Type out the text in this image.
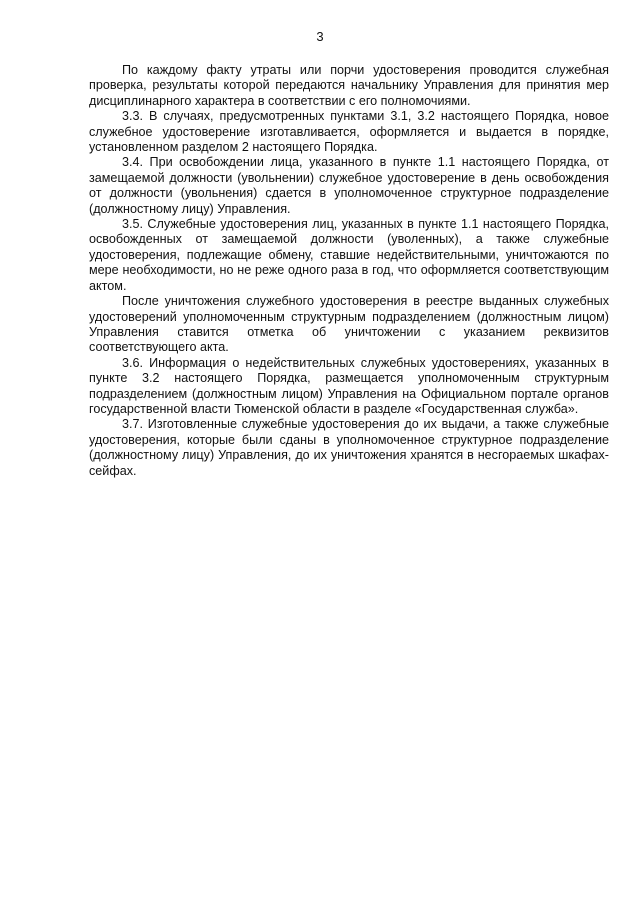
3

По каждому факту утраты или порчи удостоверения проводится служебная проверка, результаты которой передаются начальнику Управления для принятия мер дисциплинарного характера в соответствии с его полномочиями.

3.3. В случаях, предусмотренных пунктами 3.1, 3.2 настоящего Порядка, новое служебное удостоверение изготавливается, оформляется и выдается в порядке, установленном разделом 2 настоящего Порядка.

3.4. При освобождении лица, указанного в пункте 1.1 настоящего Порядка, от замещаемой должности (увольнении) служебное удостоверение в день освобождения от должности (увольнения) сдается в уполномоченное структурное подразделение (должностному лицу) Управления.

3.5. Служебные удостоверения лиц, указанных в пункте 1.1 настоящего Порядка, освобожденных от замещаемой должности (уволенных), а также служебные удостоверения, подлежащие обмену, ставшие недействительными, уничтожаются по мере необходимости, но не реже одного раза в год, что оформляется соответствующим актом.

После уничтожения служебного удостоверения в реестре выданных служебных удостоверений уполномоченным структурным подразделением (должностным лицом) Управления ставится отметка об уничтожении с указанием реквизитов соответствующего акта.

3.6. Информация о недействительных служебных удостоверениях, указанных в пункте 3.2 настоящего Порядка, размещается уполномоченным структурным подразделением (должностным лицом) Управления на Официальном портале органов государственной власти Тюменской области в разделе «Государственная служба».

3.7. Изготовленные служебные удостоверения до их выдачи, а также служебные удостоверения, которые были сданы в уполномоченное структурное подразделение (должностному лицу) Управления, до их уничтожения хранятся в несгораемых шкафах-сейфах.
